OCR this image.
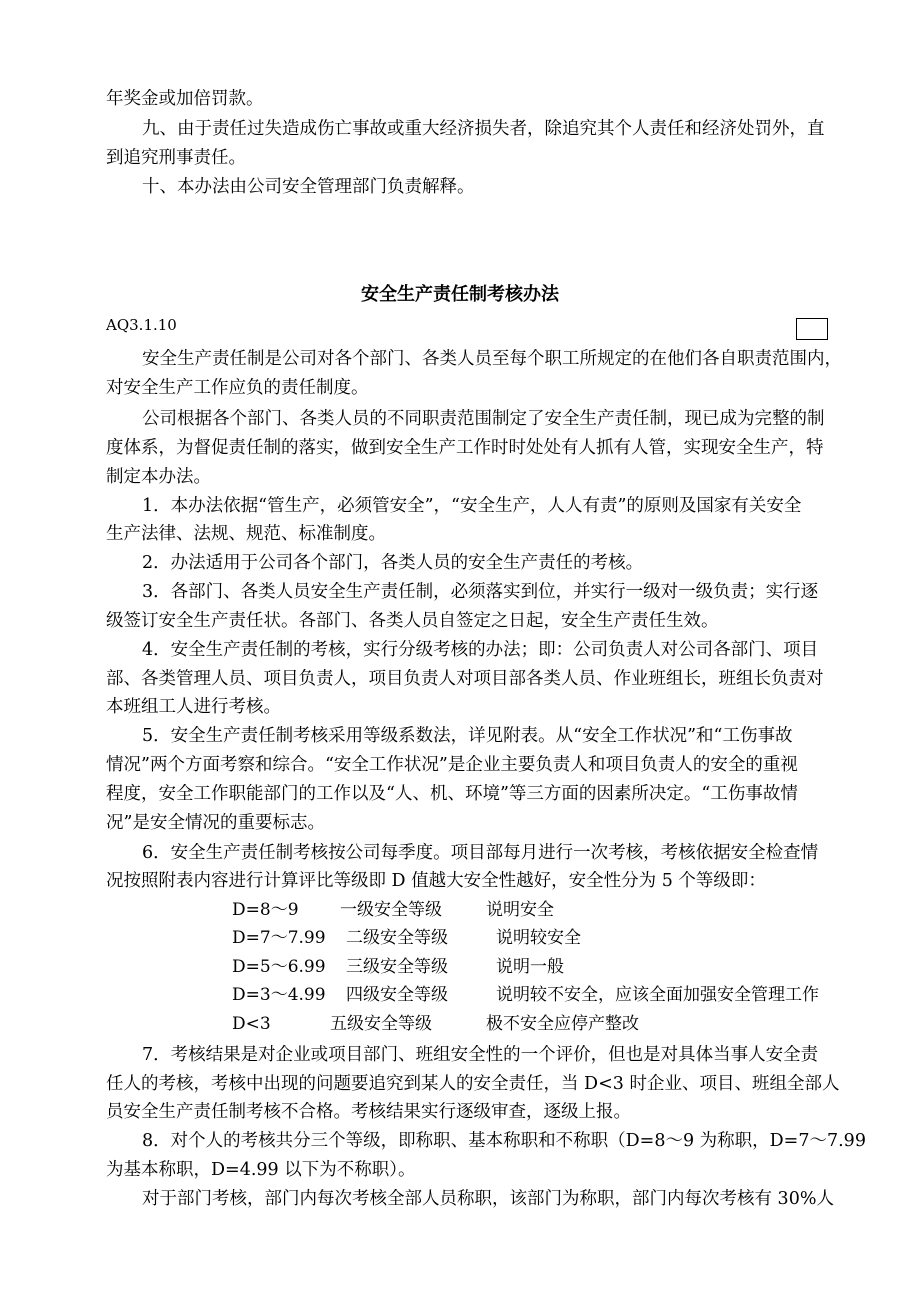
年奖金或加倍罚款。
九、由于责任过失造成伤亡事故或重大经济损失者，除追究其个人责任和经济处罚外，直
到追究刑事责任。
十、本办法由公司安全管理部门负责解释。
安全生产责任制考核办法
AQ3.1.10
安全生产责任制是公司对各个部门、各类人员至每个职工所规定的在他们各自职责范围内，
对安全生产工作应负的责任制度。
公司根据各个部门、各类人员的不同职责范围制定了安全生产责任制，现已成为完整的制
度体系，为督促责任制的落实，做到安全生产工作时时处处有人抓有人管，实现安全生产，特
制定本办法。
1．本办法依据“管生产，必须管安全”，“安全生产，人人有责”的原则及国家有关安全
生产法律、法规、规范、标准制度。
2．办法适用于公司各个部门，各类人员的安全生产责任的考核。
3．各部门、各类人员安全生产责任制，必须落实到位，并实行一级对一级负责；实行逐
级签订安全生产责任状。各部门、各类人员自签定之日起，安全生产责任生效。
4．安全生产责任制的考核，实行分级考核的办法；即：公司负责人对公司各部门、项目
部、各类管理人员、项目负责人，项目负责人对项目部各类人员、作业班组长，班组长负责对
本班组工人进行考核。
5．安全生产责任制考核采用等级系数法，详见附表。从“安全工作状况”和“工伤事故
情况”两个方面考察和综合。“安全工作状况”是企业主要负责人和项目负责人的安全的重视
程度，安全工作职能部门的工作以及“人、机、环境”等三方面的因素所决定。“工伤事故情
况”是安全情况的重要标志。
6．安全生产责任制考核按公司每季度。项目部每月进行一次考核，考核依据安全检查情
况按照附表内容进行计算评比等级即 D 值越大安全性越好，安全性分为 5 个等级即：
D=8～9 一级安全等级	说明安全
D=7～7.99 二级安全等级	说明较安全
D=5～6.99 三级安全等级	说明一般
D=3～4.99 四级安全等级	说明较不安全，应该全面加强安全管理工作
D<3	五级安全等级	极不安全应停产整改
7．考核结果是对企业或项目部门、班组安全性的一个评价，但也是对具体当事人安全责
任人的考核，考核中出现的问题要追究到某人的安全责任，当 D<3 时企业、项目、班组全部人
员安全生产责任制考核不合格。考核结果实行逐级审查，逐级上报。
8．对个人的考核共分三个等级，即称职、基本称职和不称职（D=8～9 为称职，D=7～7.99
为基本称职，D=4.99 以下为不称职）。
对于部门考核，部门内每次考核全部人员称职，该部门为称职，部门内每次考核有 30%人
